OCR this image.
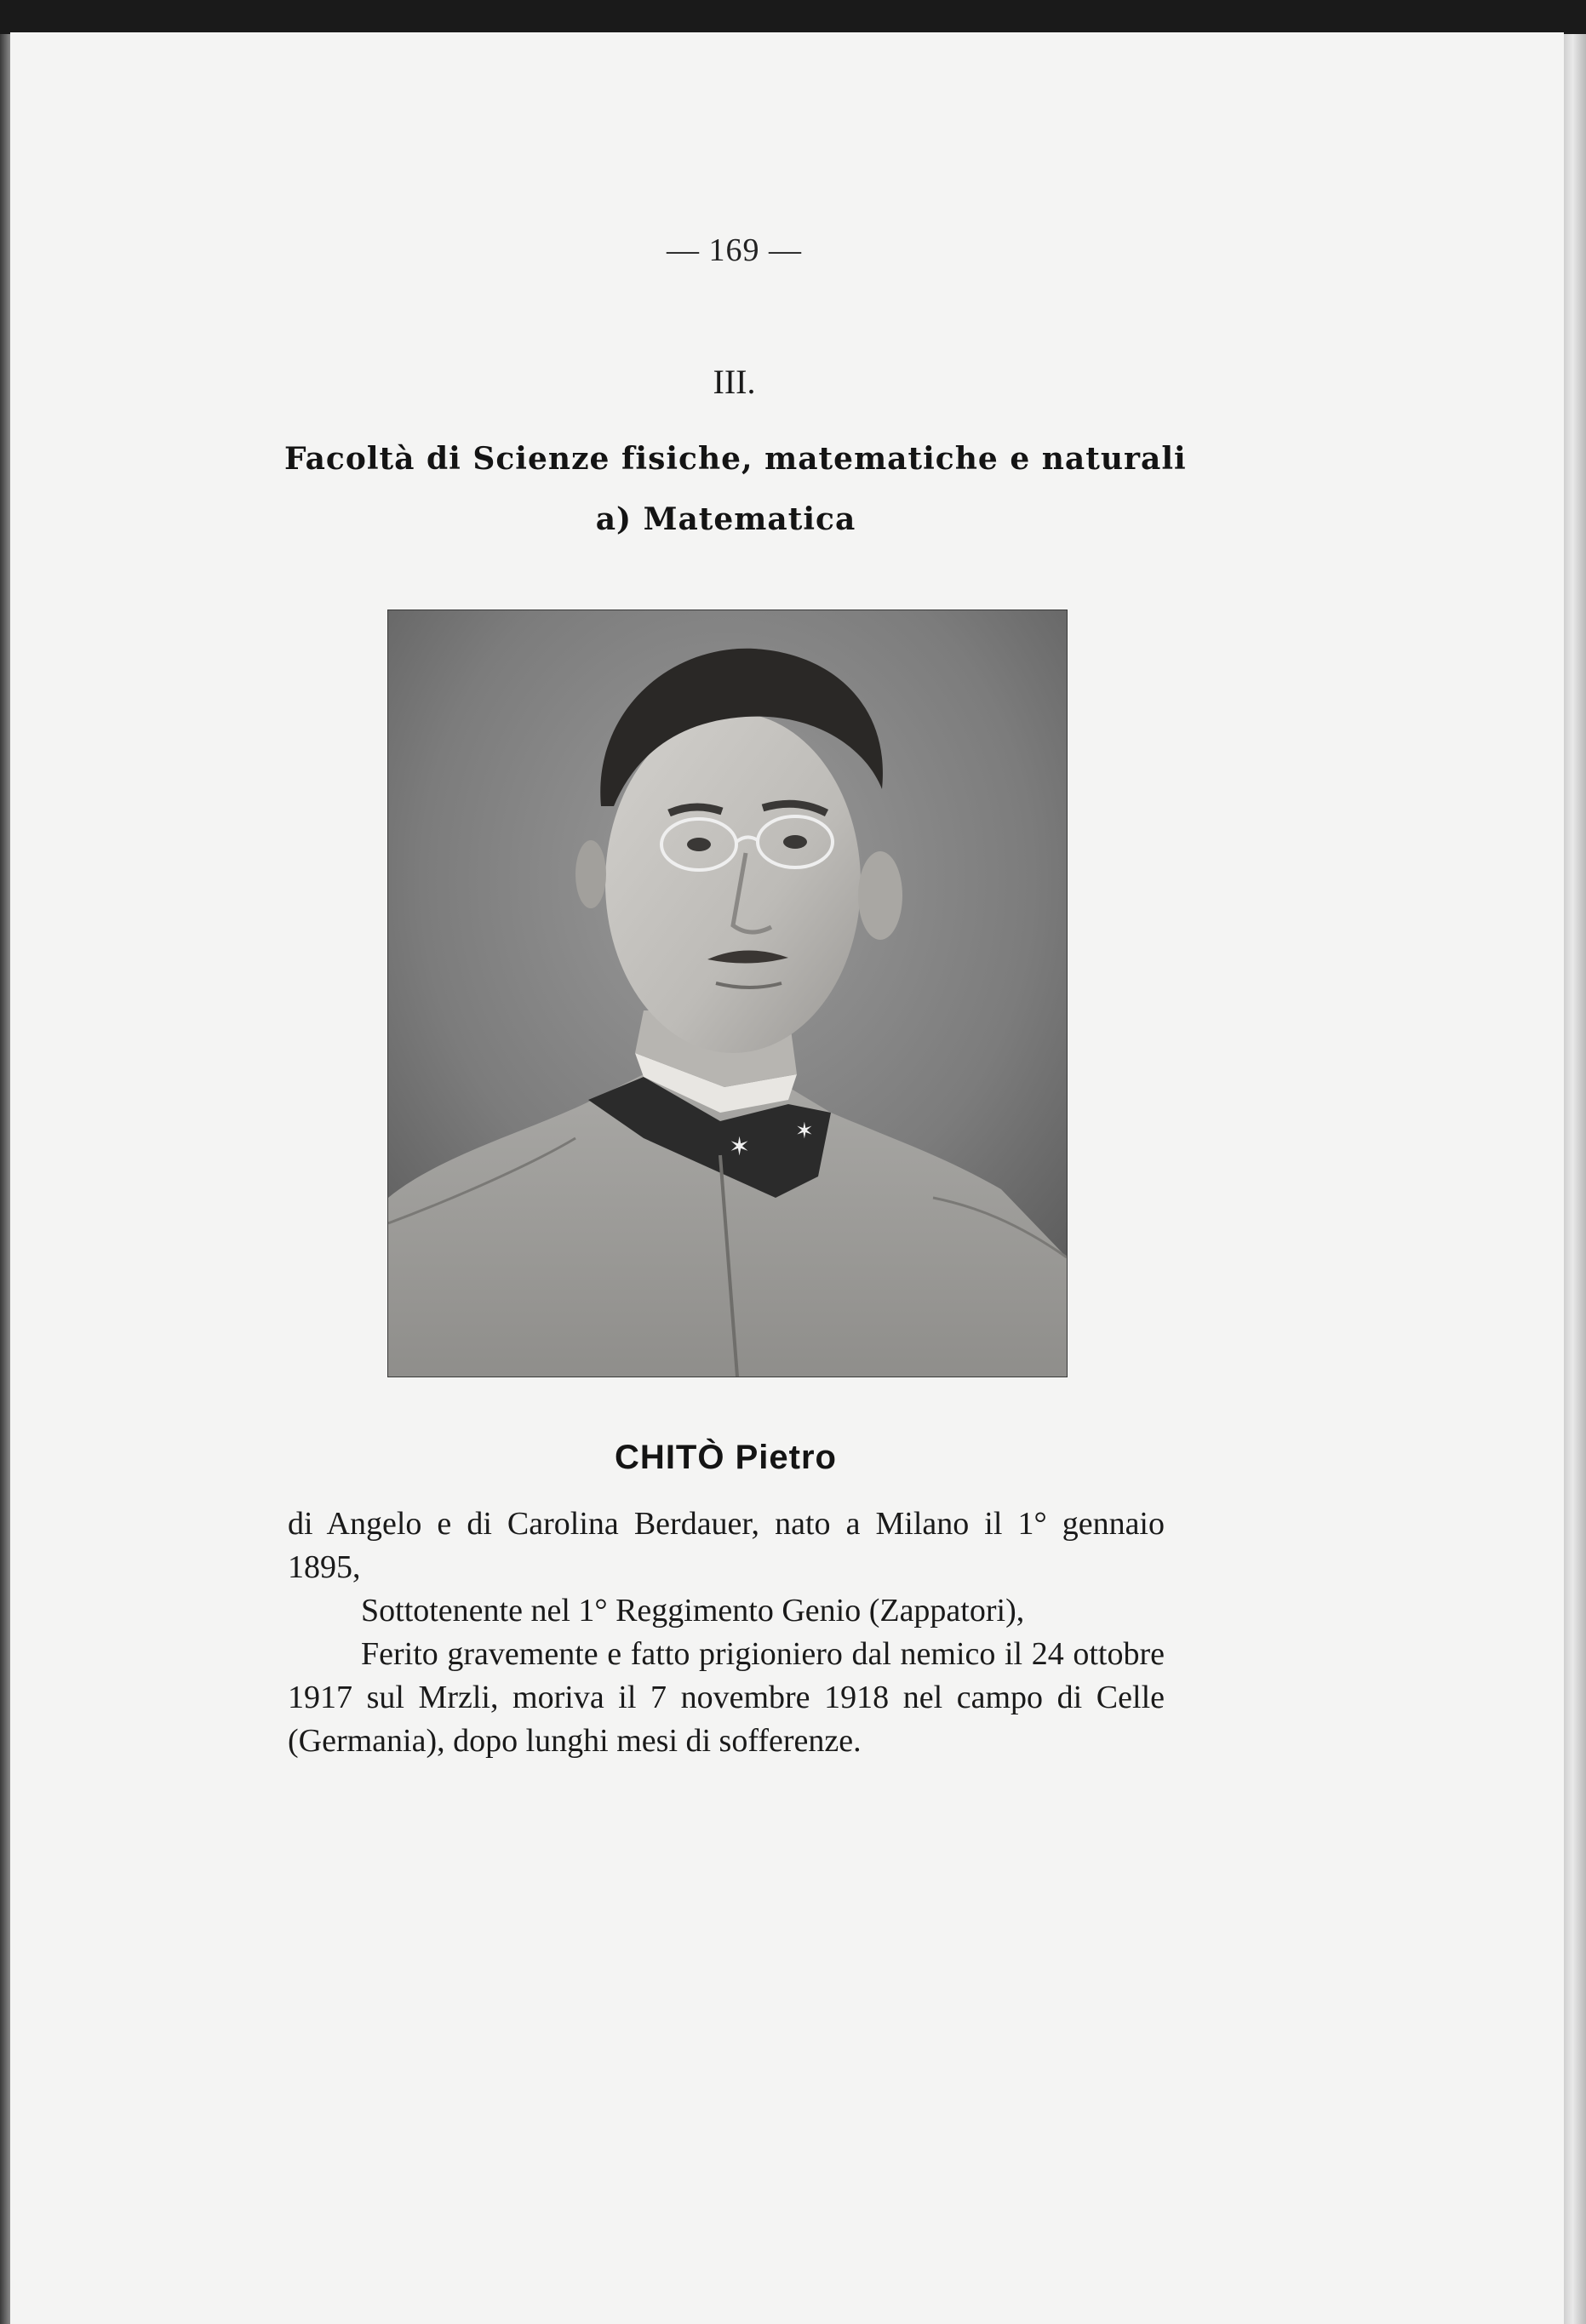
— 169 —
III.
Facoltà di Scienze fisiche, matematiche e naturali
a) Matematica
✶
✶
CHITÒ Pietro

di Angelo e di Carolina Berdauer, nato a Milano il 1° gennaio 1895,

Sottotenente nel 1° Reggimento Genio (Zappatori),

Ferito gravemente e fatto prigioniero dal nemico il 24 ottobre 1917 sul Mrzli, moriva il 7 novembre 1918 nel campo di Celle (Germania), dopo lunghi mesi di sofferenze.
